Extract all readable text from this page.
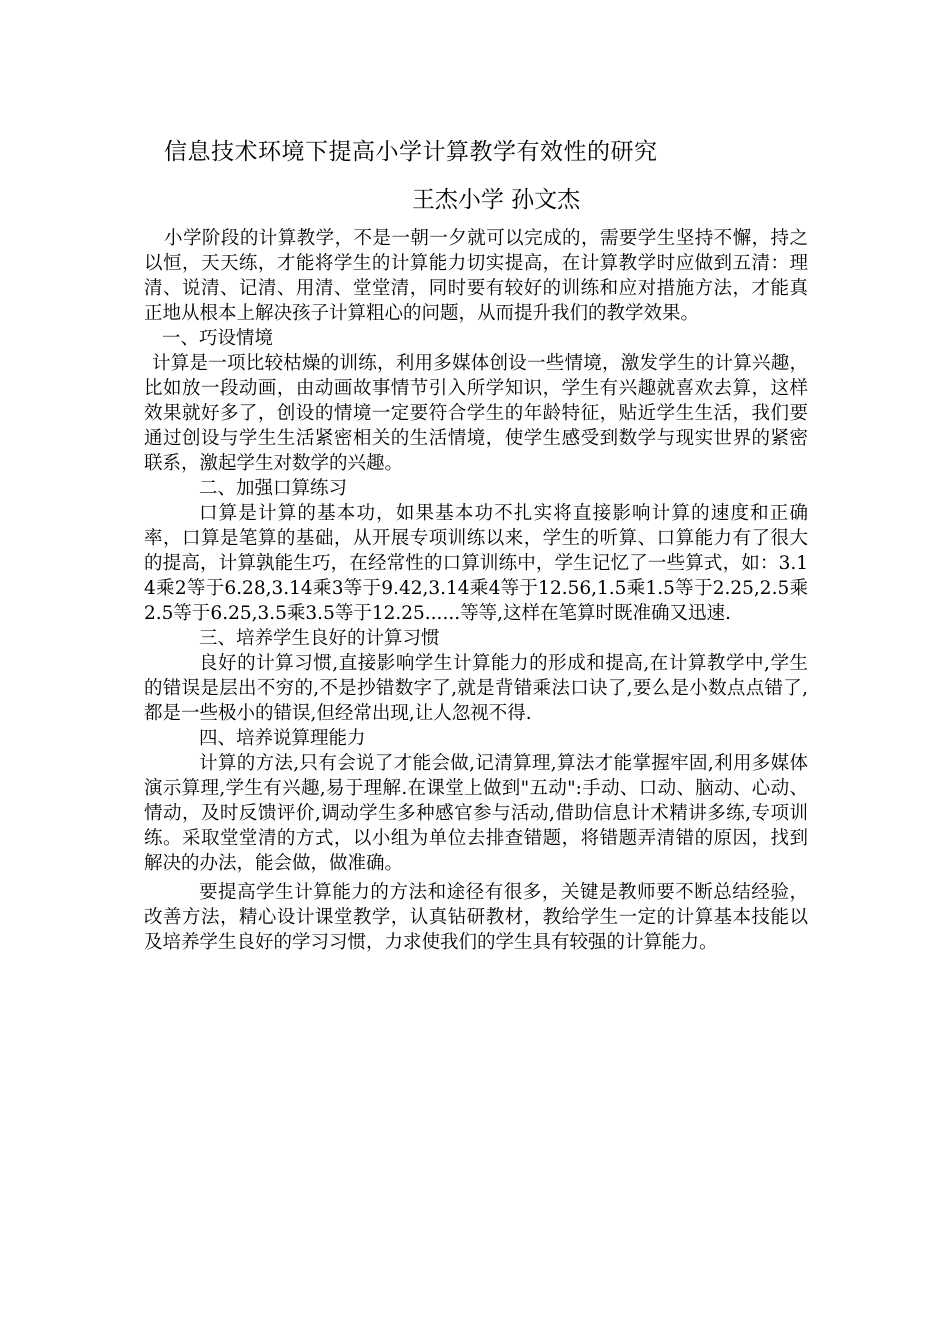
信息技术环境下提高小学计算教学有效性的研究
王杰小学 孙文杰

小学阶段的计算教学，不是一朝一夕就可以完成的，需要学生坚持不懈，持之以恒，天天练，才能将学生的计算能力切实提高，在计算教学时应做到五清：理清、说清、记清、用清、堂堂清，同时要有较好的训练和应对措施方法，才能真正地从根本上解决孩子计算粗心的问题，从而提升我们的教学效果。

一、巧设情境

计算是一项比较枯燥的训练，利用多媒体创设一些情境，激发学生的计算兴趣，比如放一段动画，由动画故事情节引入所学知识，学生有兴趣就喜欢去算，这样效果就好多了，创设的情境一定要符合学生的年龄特征，贴近学生生活，我们要通过创设与学生生活紧密相关的生活情境，使学生感受到数学与现实世界的紧密联系，激起学生对数学的兴趣。

二、加强口算练习

口算是计算的基本功，如果基本功不扎实将直接影响计算的速度和正确率，口算是笔算的基础，从开展专项训练以来，学生的听算、口算能力有了很大的提高，计算孰能生巧，在经常性的口算训练中，学生记忆了一些算式，如：3.14乘2等于6.28,3.14乘3等于9.42,3.14乘4等于12.56,1.5乘1.5等于2.25,2.5乘2.5等于6.25,3.5乘3.5等于12.25......等等,这样在笔算时既准确又迅速.

三、培养学生良好的计算习惯

良好的计算习惯,直接影响学生计算能力的形成和提高,在计算教学中,学生的错误是层出不穷的,不是抄错数字了,就是背错乘法口诀了,要么是小数点点错了,都是一些极小的错误,但经常出现,让人忽视不得.

四、培养说算理能力

计算的方法,只有会说了才能会做,记清算理,算法才能掌握牢固,利用多媒体演示算理,学生有兴趣,易于理解.在课堂上做到"五动":手动、口动、脑动、心动、情动，及时反馈评价,调动学生多种感官参与活动,借助信息计术精讲多练,专项训练。采取堂堂清的方式，以小组为单位去排查错题，将错题弄清错的原因，找到解决的办法，能会做，做准确。

要提高学生计算能力的方法和途径有很多，关键是教师要不断总结经验，改善方法，精心设计课堂教学，认真钻研教材，教给学生一定的计算基本技能以及培养学生良好的学习习惯，力求使我们的学生具有较强的计算能力。
